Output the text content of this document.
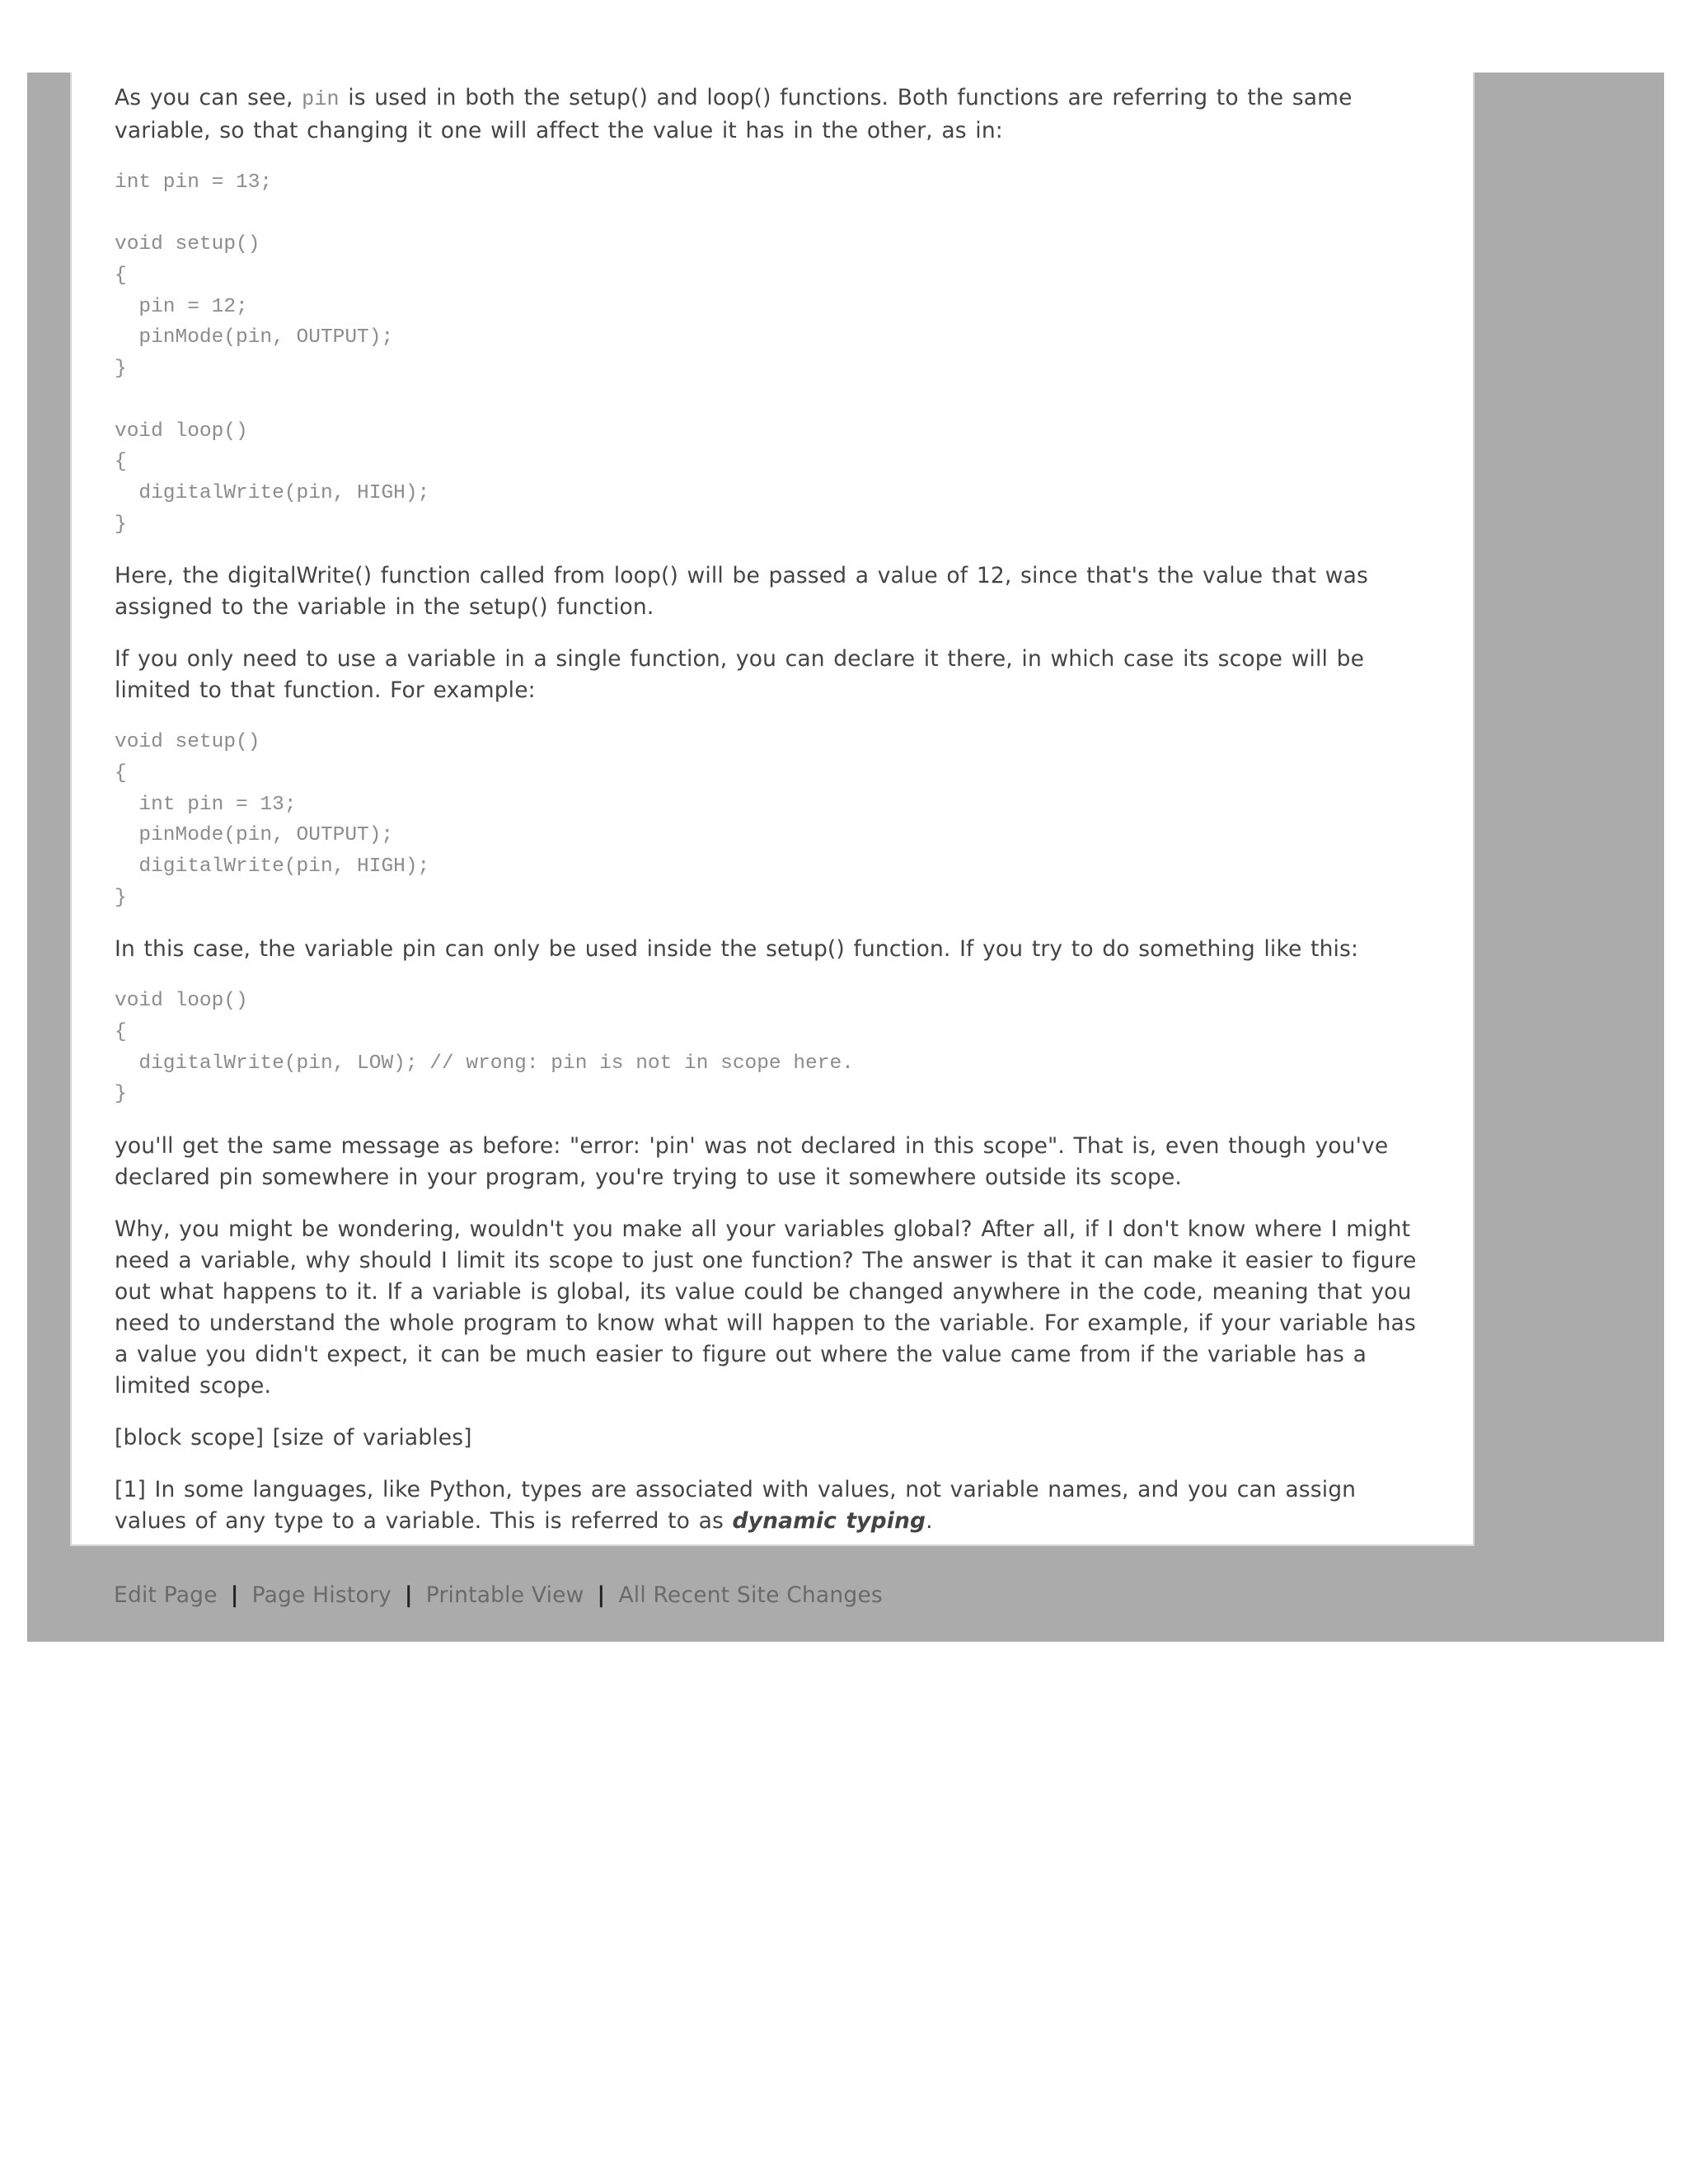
As you can see, pin is used in both the setup() and loop() functions. Both functions are referring to the same variable, so that changing it one will affect the value it has in the other, as in:

int pin = 13;
void setup()
{
pin = 12;
pinMode(pin, OUTPUT);
}
void loop()
{
digitalWrite(pin, HIGH);
}

Here, the digitalWrite() function called from loop() will be passed a value of 12, since that's the value that was assigned to the variable in the setup() function.

If you only need to use a variable in a single function, you can declare it there, in which case its scope will be limited to that function. For example:

void setup()
{
int pin = 13;
pinMode(pin, OUTPUT);
digitalWrite(pin, HIGH);
}

In this case, the variable pin can only be used inside the setup() function. If you try to do something like this:

void loop()
{
digitalWrite(pin, LOW); // wrong: pin is not in scope here.
}

you'll get the same message as before: "error: 'pin' was not declared in this scope". That is, even though you've declared pin somewhere in your program, you're trying to use it somewhere outside its scope.

Why, you might be wondering, wouldn't you make all your variables global? After all, if I don't know where I might need a variable, why should I limit its scope to just one function? The answer is that it can make it easier to figure out what happens to it. If a variable is global, its value could be changed anywhere in the code, meaning that you need to understand the whole program to know what will happen to the variable. For example, if your variable has a value you didn't expect, it can be much easier to figure out where the value came from if the variable has a limited scope.

[block scope] [size of variables]

[1] In some languages, like Python, types are associated with values, not variable names, and you can assign values of any type to a variable. This is referred to as dynamic typing.

Edit Page | Page History | Printable View | All Recent Site Changes
